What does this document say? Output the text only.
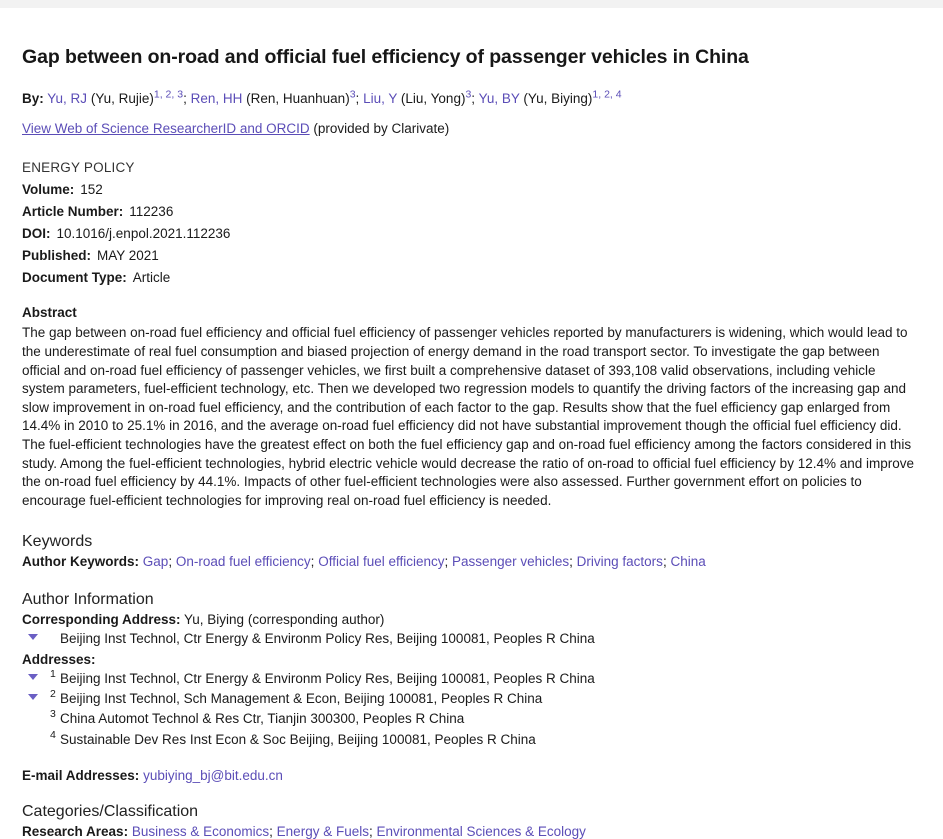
Gap between on-road and official fuel efficiency of passenger vehicles in China
By: Yu, RJ (Yu, Rujie)$^{1, 2, 3}$; Ren, HH (Ren, Huanhuan)$^3$; Liu, Y (Liu, Yong)$^3$; Yu, BY (Yu, Biying)$^{1, 2, 4}$
View Web of Science ResearcherID and ORCID (provided by Clarivate)
ENERGY POLICY
Volume: 152
Article Number: 112236
DOI: 10.1016/j.enpol.2021.112236
Published: MAY 2021
Document Type: Article
Abstract
The gap between on-road fuel efficiency and official fuel efficiency of passenger vehicles reported by manufacturers is widening, which would lead to the underestimate of real fuel consumption and biased projection of energy demand in the road transport sector. To investigate the gap between official and on-road fuel efficiency of passenger vehicles, we first built a comprehensive dataset of 393,108 valid observations, including vehicle system parameters, fuel-efficient technology, etc. Then we developed two regression models to quantify the driving factors of the increasing gap and slow improvement in on-road fuel efficiency, and the contribution of each factor to the gap. Results show that the fuel efficiency gap enlarged from 14.4% in 2010 to 25.1% in 2016, and the average on-road fuel efficiency did not have substantial improvement though the official fuel efficiency did. The fuel-efficient technologies have the greatest effect on both the fuel efficiency gap and on-road fuel efficiency among the factors considered in this study. Among the fuel-efficient technologies, hybrid electric vehicle would decrease the ratio of on-road to official fuel efficiency by 12.4% and improve the on-road fuel efficiency by 44.1%. Impacts of other fuel-efficient technologies were also assessed. Further government effort on policies to encourage fuel-efficient technologies for improving real on-road fuel efficiency is needed.
Keywords
Author Keywords: Gap; On-road fuel efficiency; Official fuel efficiency; Passenger vehicles; Driving factors; China
Author Information
Corresponding Address: Yu, Biying (corresponding author)
Beijing Inst Technol, Ctr Energy & Environm Policy Res, Beijing 100081, Peoples R China
Addresses:
1 Beijing Inst Technol, Ctr Energy & Environm Policy Res, Beijing 100081, Peoples R China
2 Beijing Inst Technol, Sch Management & Econ, Beijing 100081, Peoples R China
3 China Automot Technol & Res Ctr, Tianjin 300300, Peoples R China
4 Sustainable Dev Res Inst Econ & Soc Beijing, Beijing 100081, Peoples R China
E-mail Addresses: yubiying_bj@bit.edu.cn
Categories/Classification
Research Areas: Business & Economics; Energy & Fuels; Environmental Sciences & Ecology
